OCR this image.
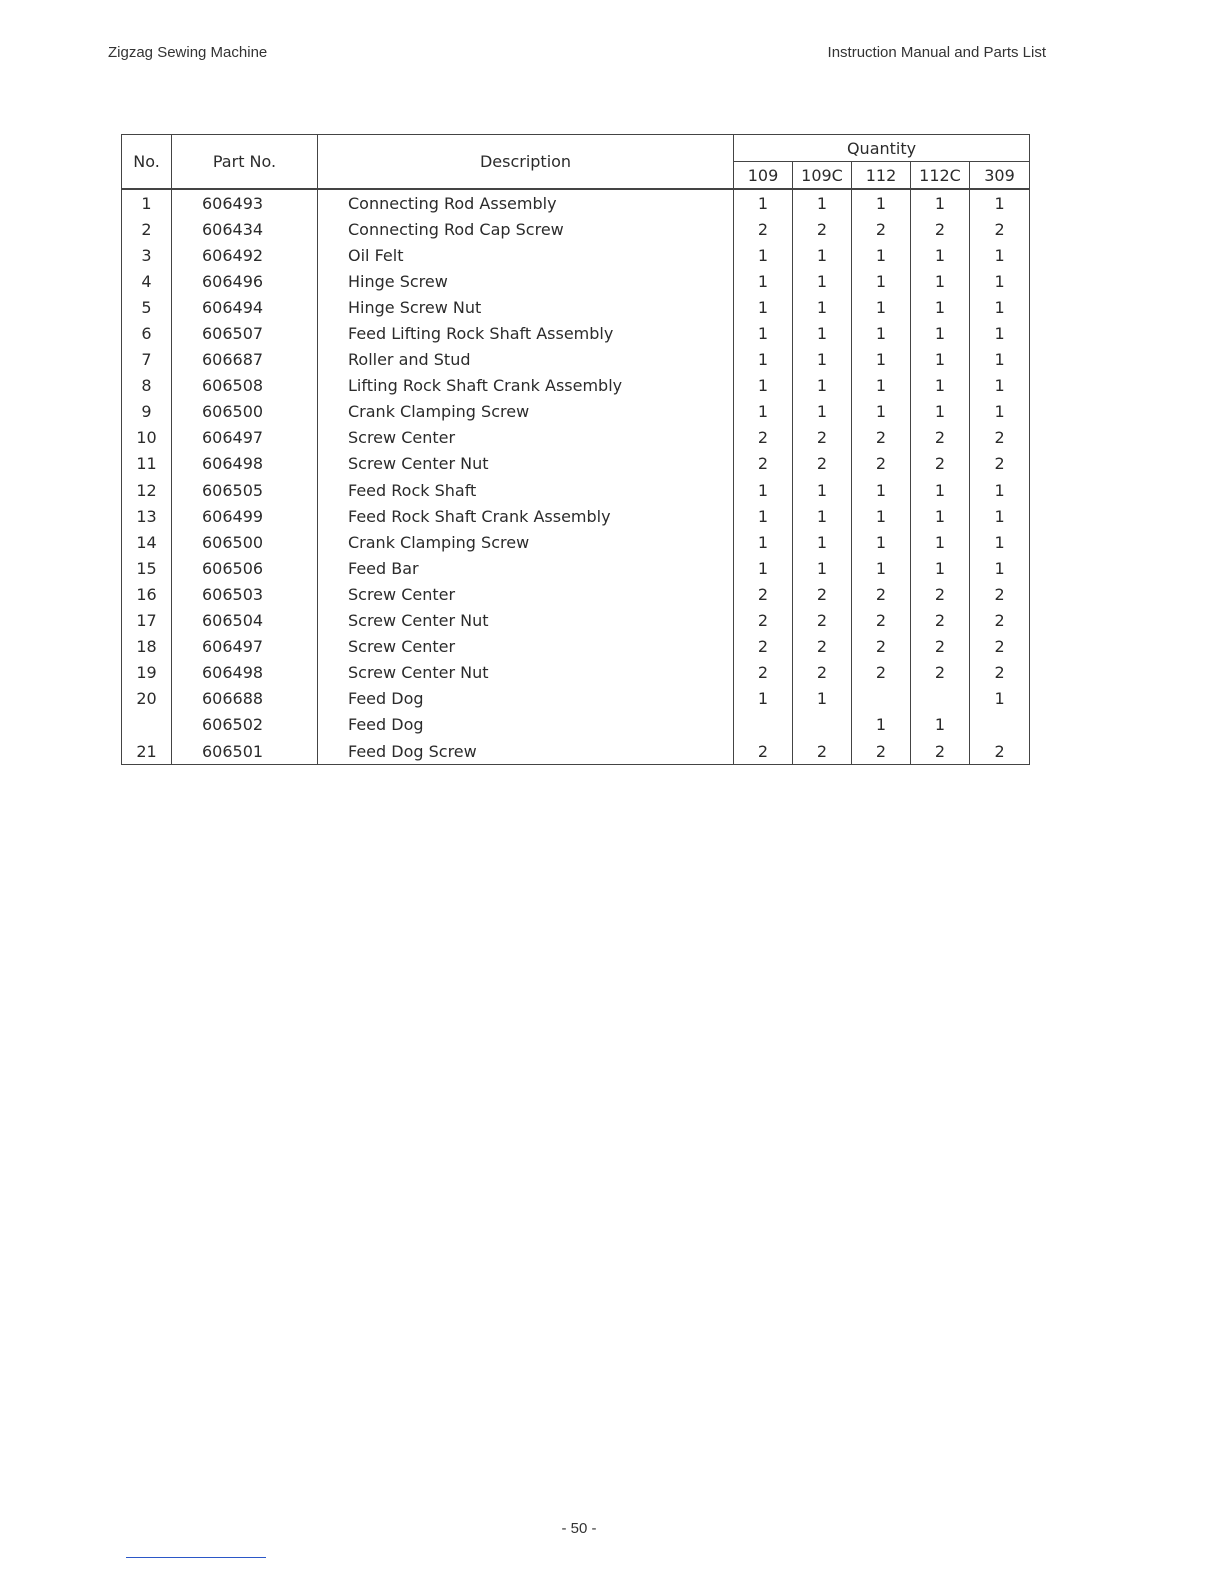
Zigzag Sewing Machine	Instruction Manual and Parts List
No.	Part No.	Description	Quantity				
			109	109C	112	112C	309
1	606493	Connecting Rod Assembly	1	1	1	1	1
2	606434	Connecting Rod Cap Screw	2	2	2	2	2
3	606492	Oil Felt	1	1	1	1	1
4	606496	Hinge Screw	1	1	1	1	1
5	606494	Hinge Screw Nut	1	1	1	1	1
6	606507	Feed Lifting Rock Shaft Assembly	1	1	1	1	1
7	606687	Roller and Stud	1	1	1	1	1
8	606508	Lifting Rock Shaft Crank Assembly	1	1	1	1	1
9	606500	Crank Clamping Screw	1	1	1	1	1
10	606497	Screw Center	2	2	2	2	2
11	606498	Screw Center Nut	2	2	2	2	2
12	606505	Feed Rock Shaft	1	1	1	1	1
13	606499	Feed Rock Shaft Crank Assembly	1	1	1	1	1
14	606500	Crank Clamping Screw	1	1	1	1	1
15	606506	Feed Bar	1	1	1	1	1
16	606503	Screw Center	2	2	2	2	2
17	606504	Screw Center Nut	2	2	2	2	2
18	606497	Screw Center	2	2	2	2	2
19	606498	Screw Center Nut	2	2	2	2	2
20	606688	Feed Dog	1	1			1
	606502	Feed Dog			1	1	
21	606501	Feed Dog Screw	2	2	2	2	2
- 50 -
